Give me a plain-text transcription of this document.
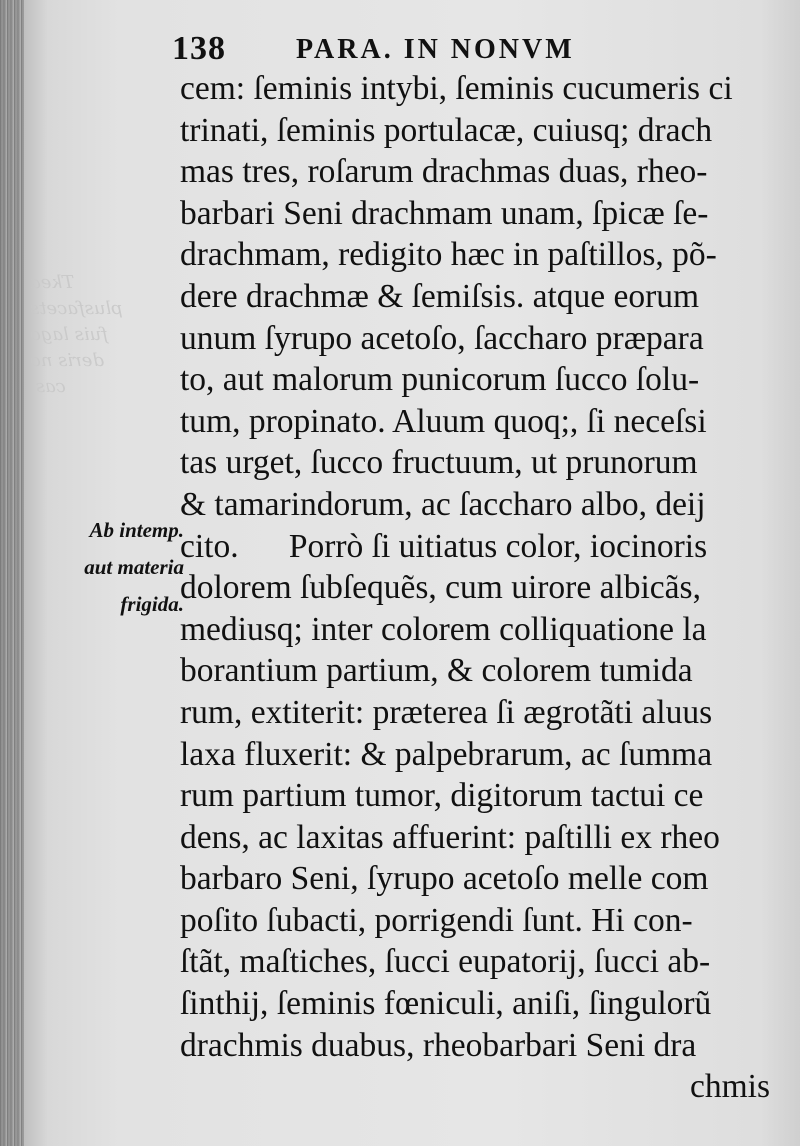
Tkea
plusfacets
fuis lago
deris no
cas.
138	PARA. IN NONVM
Ab intemp.
aut materia
frigida.
cem: ſeminis intybi, ſeminis cucumeris ci
trinati, ſeminis portulacæ, cuiusq; drach
mas tres, roſarum drachmas duas, rheo-
barbari Seni drachmam unam, ſpicæ ſe-
drachmam, redigito hæc in paſtillos, põ-
dere drachmæ & ſemiſsis. atque eorum
unum ſyrupo acetoſo, ſaccharo præpara
to, aut malorum punicorum ſucco ſolu-
tum, propinato. Aluum quoq;, ſi neceſsi
tas urget, ſucco fructuum, ut prunorum
& tamarindorum, ac ſaccharo albo, deij
cito.      Porrò ſi uitiatus color, iocinoris
dolorem ſubſequẽs, cum uirore albicãs,
mediusq; inter colorem colliquatione la
borantium partium, & colorem tumida
rum, extiterit: præterea ſi ægrotãti aluus
laxa fluxerit: & palpebrarum, ac ſumma
rum partium tumor, digitorum tactui ce
dens, ac laxitas affuerint: paſtilli ex rheo
barbaro Seni, ſyrupo acetoſo melle com
poſito ſubacti, porrigendi ſunt. Hi con-
ſtãt, maſtiches, ſucci eupatorij, ſucci ab-
ſinthij, ſeminis fœniculi, aniſi, ſingulorũ
drachmis duabus, rheobarbari Seni dra
chmis
